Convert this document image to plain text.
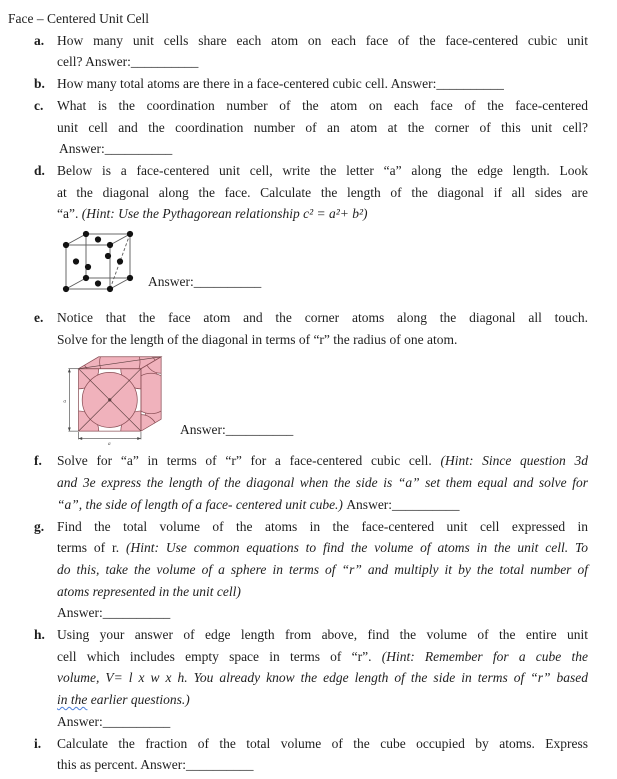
Face – Centered Unit Cell
a. How many unit cells share each atom on each face of the face-centered cubic unit
cell? Answer:__________
b. How many total atoms are there in a face-centered cubic cell. Answer:__________
c.	What is the coordination number of the atom on each face of the face-centered
unit cell and the coordination number of an atom at the corner of this unit cell?
Answer:__________
d. Below is a face-centered unit cell, write the letter “a” along the edge length. Look
at the diagonal along the face. Calculate the length of the diagonal if all sides are
“a”. (Hint: Use the Pythagorean relationship c² = a²+ b²)
Answer:__________
e.	Notice that the face atom and the corner atoms along the diagonal all touch.
Solve for the length of the diagonal in terms of “r” the radius of one atom.
a
a
Answer:__________
f.	Solve for “a” in terms of “r” for a face-centered cubic cell. (Hint: Since question 3d
and 3e express the length of the diagonal when the side is “a” set them equal and solve for
“a”, the side of length of a face- centered unit cube.) Answer:__________
g. Find the total volume of the atoms in the face-centered unit cell expressed in
terms of r. (Hint: Use common equations to find the volume of atoms in the unit cell. To
do this, take the volume of a sphere in terms of “r” and multiply it by the total number of
atoms represented in the unit cell)
Answer:__________
h. Using your answer of edge length from above, find the volume of the entire unit
cell which includes empty space in terms of “r”. (Hint: Remember for a cube the
volume, V= l x w x h. You already know the edge length of the side in terms of “r” based
in the earlier questions.)
Answer:__________
i.	Calculate the fraction of the total volume of the cube occupied by atoms. Express
this as percent. Answer:__________
